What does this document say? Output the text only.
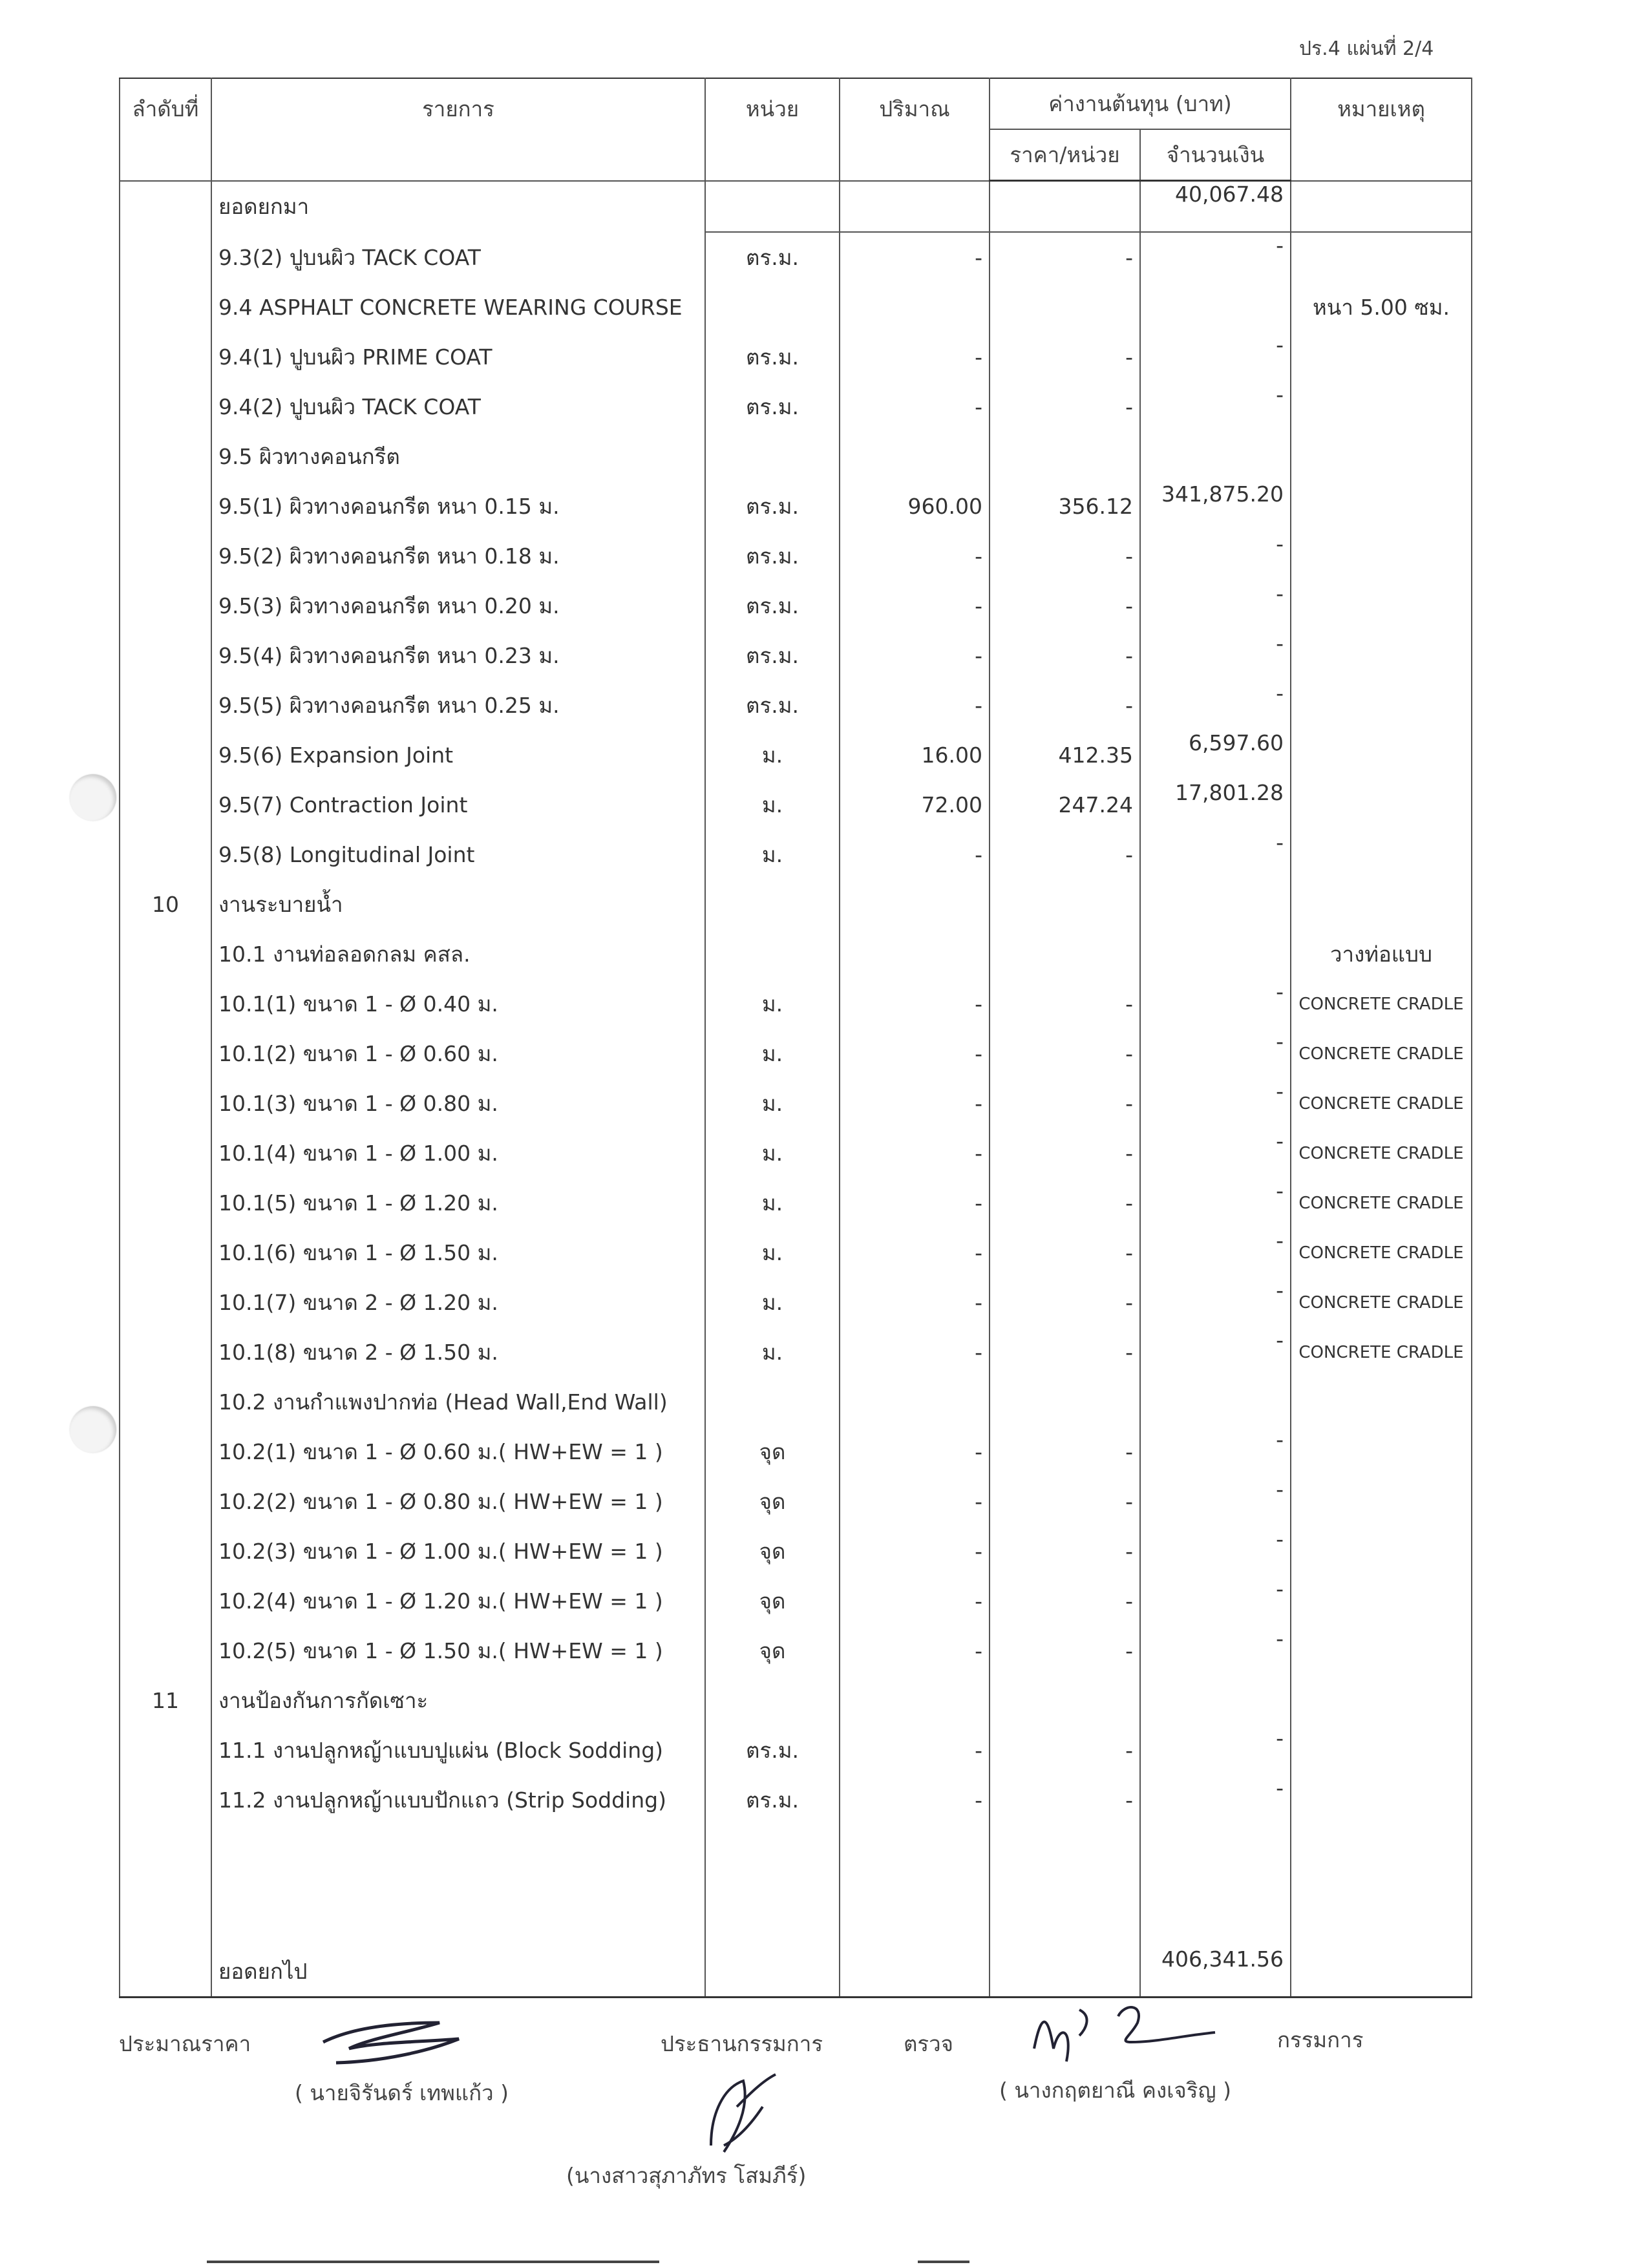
ปร.4 แผ่นที่ 2/4
ลำดับที่	รายการ	หน่วย	ปริมาณ	ค่างานต้นทุน (บาท)		หมายเหตุ
				ราคา/หน่วย	จำนวนเงิน	
	ยอดยกมา				40,067.48	
	9.3(2) ปูบนผิว TACK COAT	ตร.ม.	-	-	-	
	9.4 ASPHALT CONCRETE WEARING COURSE					หนา 5.00 ซม.
	9.4(1) ปูบนผิว PRIME COAT	ตร.ม.	-	-	-	
	9.4(2) ปูบนผิว TACK COAT	ตร.ม.	-	-	-	
	9.5 ผิวทางคอนกรีต					
	9.5(1) ผิวทางคอนกรีต หนา 0.15 ม.	ตร.ม.	960.00	356.12	341,875.20	
	9.5(2) ผิวทางคอนกรีต หนา 0.18 ม.	ตร.ม.	-	-	-	
	9.5(3) ผิวทางคอนกรีต หนา 0.20 ม.	ตร.ม.	-	-	-	
	9.5(4) ผิวทางคอนกรีต หนา 0.23 ม.	ตร.ม.	-	-	-	
	9.5(5) ผิวทางคอนกรีต หนา 0.25 ม.	ตร.ม.	-	-	-	
	9.5(6) Expansion Joint	ม.	16.00	412.35	6,597.60	
	9.5(7) Contraction Joint	ม.	72.00	247.24	17,801.28	
	9.5(8) Longitudinal Joint	ม.	-	-	-	
10	งานระบายน้ำ					
	10.1 งานท่อลอดกลม คสล.					วางท่อแบบ
	10.1(1) ขนาด 1 - Ø 0.40 ม.	ม.	-	-	-	CONCRETE CRADLE
	10.1(2) ขนาด 1 - Ø 0.60 ม.	ม.	-	-	-	CONCRETE CRADLE
	10.1(3) ขนาด 1 - Ø 0.80 ม.	ม.	-	-	-	CONCRETE CRADLE
	10.1(4) ขนาด 1 - Ø 1.00 ม.	ม.	-	-	-	CONCRETE CRADLE
	10.1(5) ขนาด 1 - Ø 1.20 ม.	ม.	-	-	-	CONCRETE CRADLE
	10.1(6) ขนาด 1 - Ø 1.50 ม.	ม.	-	-	-	CONCRETE CRADLE
	10.1(7) ขนาด 2 - Ø 1.20 ม.	ม.	-	-	-	CONCRETE CRADLE
	10.1(8) ขนาด 2 - Ø 1.50 ม.	ม.	-	-	-	CONCRETE CRADLE
	10.2 งานกำแพงปากท่อ (Head Wall,End Wall)					
	10.2(1) ขนาด 1 - Ø 0.60 ม.( HW+EW = 1 )	จุด	-	-	-	
	10.2(2) ขนาด 1 - Ø 0.80 ม.( HW+EW = 1 )	จุด	-	-	-	
	10.2(3) ขนาด 1 - Ø 1.00 ม.( HW+EW = 1 )	จุด	-	-	-	
	10.2(4) ขนาด 1 - Ø 1.20 ม.( HW+EW = 1 )	จุด	-	-	-	
	10.2(5) ขนาด 1 - Ø 1.50 ม.( HW+EW = 1 )	จุด	-	-	-	
11	งานป้องกันการกัดเซาะ					
	11.1 งานปลูกหญ้าแบบปูแผ่น (Block Sodding)	ตร.ม.	-	-	-	
	11.2 งานปลูกหญ้าแบบปักแถว (Strip Sodding)	ตร.ม.	-	-	-	

	ยอดยกไป				406,341.56	
ประมาณราคา
( นายจิรันดร์ เทพแก้ว )
ประธานกรรมการ
(นางสาวสุภาภัทร โสมภีร์)
ตรวจ
( นางกฤตยาณี คงเจริญ )
กรรมการ
